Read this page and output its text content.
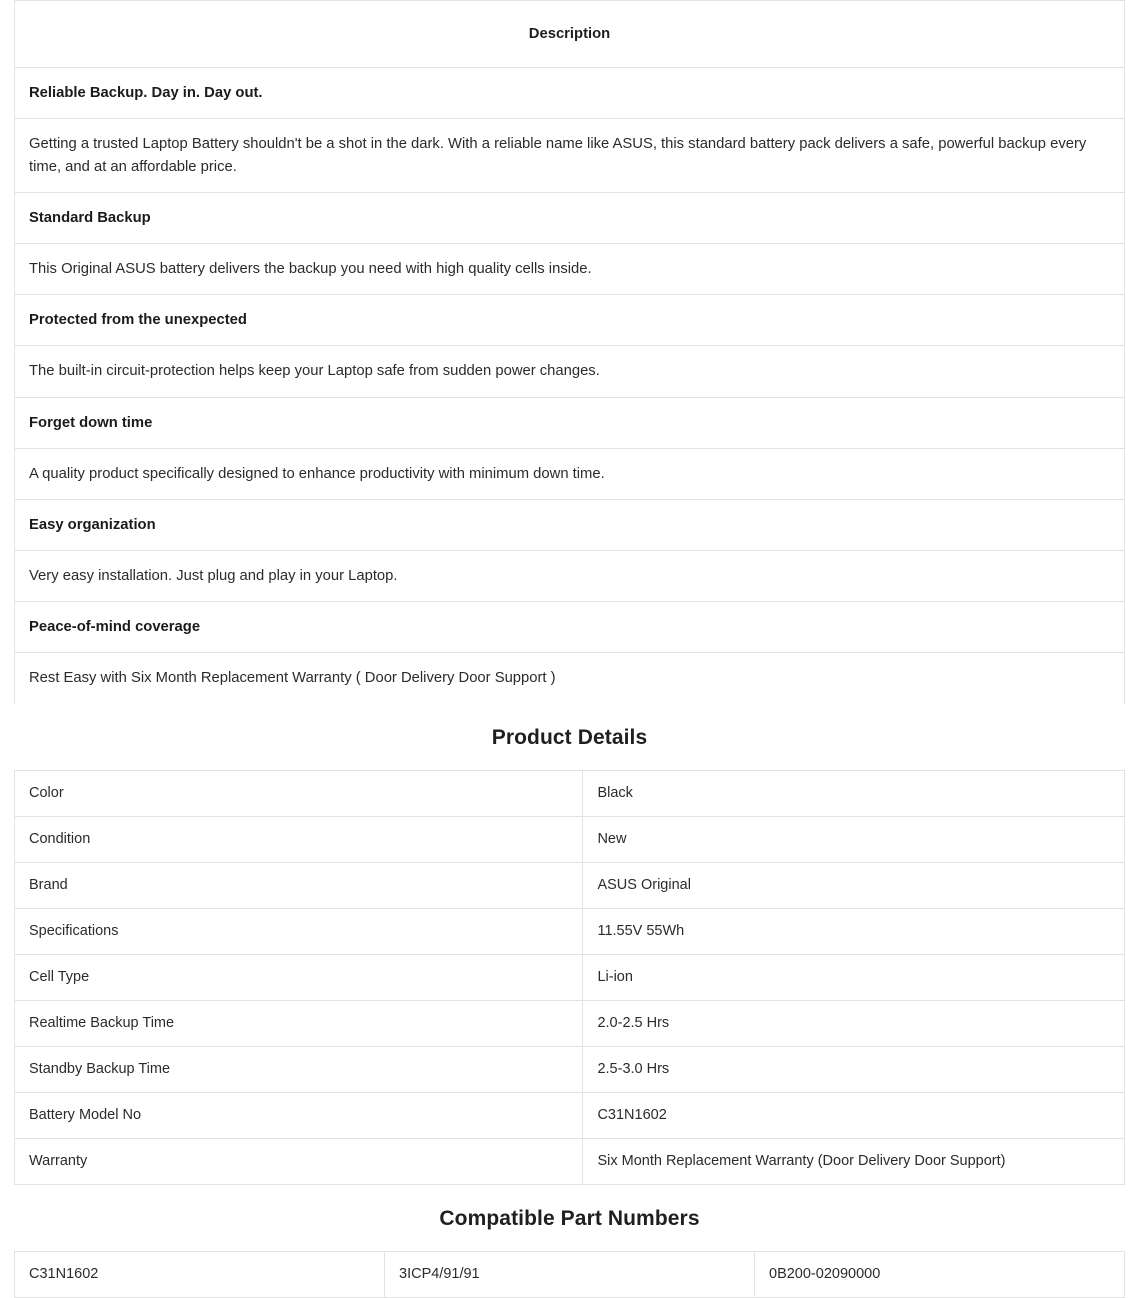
Description
Reliable Backup. Day in. Day out.
Getting a trusted Laptop Battery shouldn't be a shot in the dark. With a reliable name like ASUS, this standard battery pack delivers a safe, powerful backup every time, and at an affordable price.
Standard Backup
This Original ASUS battery delivers the backup you need with high quality cells inside.
Protected from the unexpected
The built-in circuit-protection helps keep your Laptop safe from sudden power changes.
Forget down time
A quality product specifically designed to enhance productivity with minimum down time.
Easy organization
Very easy installation. Just plug and play in your Laptop.
Peace-of-mind coverage
Rest Easy with Six Month Replacement Warranty ( Door Delivery Door Support )
Product Details
Color	Black
Condition	New
Brand	ASUS Original
Specifications	11.55V 55Wh
Cell Type	Li-ion
Realtime Backup Time	2.0-2.5 Hrs
Standby Backup Time	2.5-3.0 Hrs
Battery Model No	C31N1602
Warranty	Six Month Replacement Warranty (Door Delivery Door Support)
Compatible Part Numbers
C31N1602	3ICP4/91/91	0B200-02090000
